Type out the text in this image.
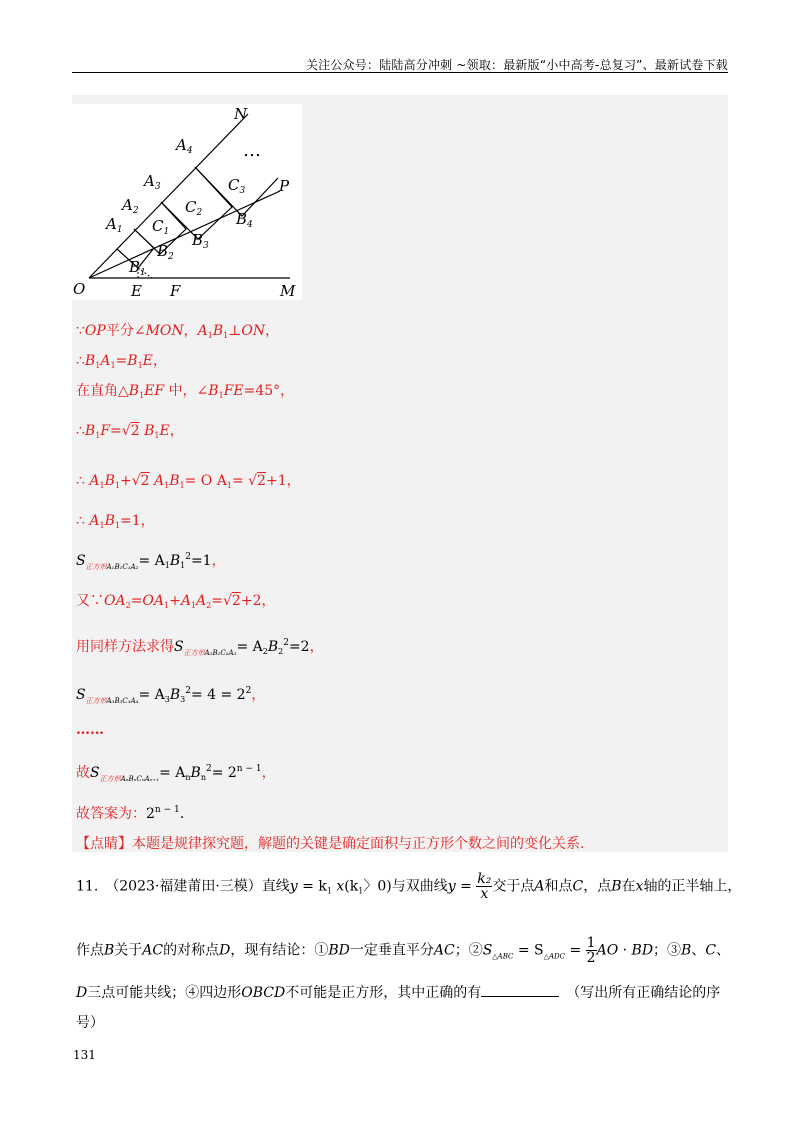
关注公众号：陆陆高分冲刺 ~领取：最新版“小中高考-总复习”、最新试卷下载
N
P
O	E F	M
…
$A_1$
$A_2$
$A_3$
$A_4$
$C_1$
$C_2$
$C_3$
$B_1$
$B_2$
$B_3$
$B_4$
∵OP平分∠MON，$A_1B_1\perp ON$，
$\therefore B_1A_1=B_1E$，
在直角$\triangle B_1EF$ 中，$\angle B_1FE=45^\circ$，
$\therefore B_1F=√2$ $B_1E$，
∴ $A_1B_1+√2$ $A_1B_1= O$ $A_1= √2+1$，
∴ $A_1B_1=1$，
$S_{正方形A_1B_1C_1A_2}= A_1B_1^2=1$，
又$\because OA_2=OA_1+A_1A_2=√2+2$，
用同样方法求得$S_{正方形A_2B_2C_2A_3}= A_2B_2^2=2$，
$S_{正方形A_3B_3C_3A_4}= A_3B_3^2= 4 = 2^2$，
……
故$S_{正方形A_nB_nC_nA_{n+1}}= A_nB_n^2= 2^{n - 1}$，
故答案为：$2^{n - 1}$.
【点睛】本题是规律探究题，解题的关键是确定面积与正方形个数之间的变化关系.
11.　（2023·福建莆田·三模）直线$y = k_1$ $x(k_1$〉0)与双曲线$y = \frac{\text{k₂}}{x}$ 交于点A和点C，点B在x轴的正半轴上，
作点B关于AC的对称点D，现有结论：①BD一定垂直平分AC；$②S_{\triangle ABC} = S_{\triangle ADC} = \frac{1}{2}$ AO · BD；③B、C、
D三点可能共线；④四边形OBCD不可能是正方形，其中正确的有　	（写出所有正确结论的序
号）
131
